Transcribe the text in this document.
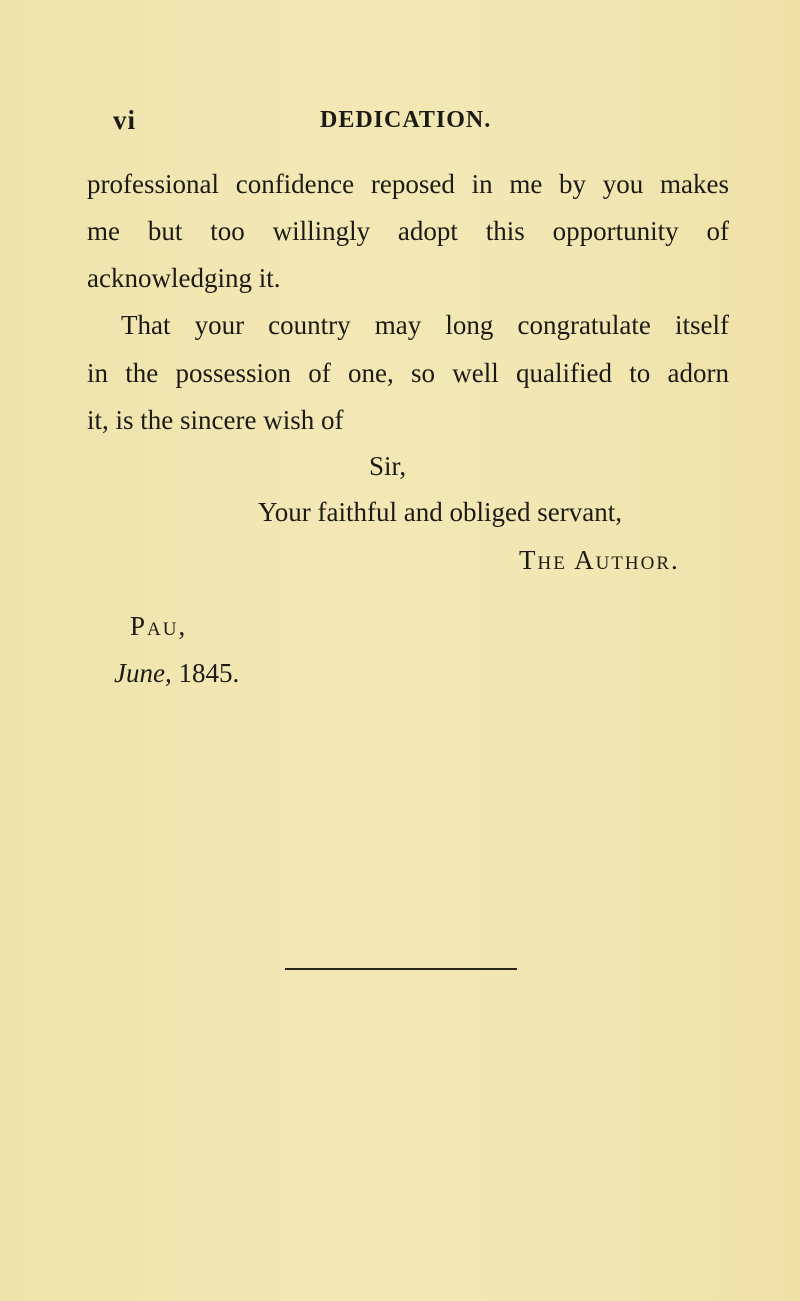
vi	DEDICATION.
professional confidence reposed in me by you makes
me but too willingly adopt this opportunity of
acknowledging it.
That your country may long congratulate itself
in the possession of one, so well qualified to adorn
it, is the sincere wish of
Sir,
Your faithful and obliged servant,
The Author.
Pau,
June, 1845.
